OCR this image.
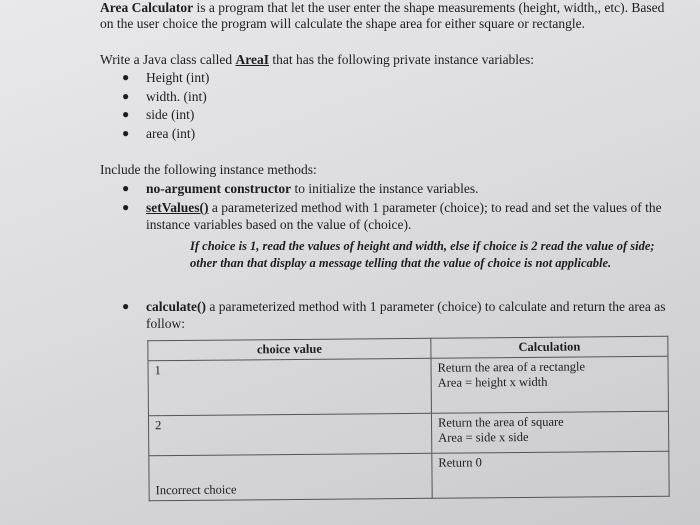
Area Calculator is a program that let the user enter the shape measurements (height, width,, etc). Based on the user choice the program will calculate the shape area for either square or rectangle.
Write a Java class called AreaI that has the following private instance variables:
● Height (int)
● width. (int)
● side (int)
● area (int)
Include the following instance methods:
● no-argument constructor to initialize the instance variables.
● setValues() a parameterized method with 1 parameter (choice); to read and set the values of the instance variables based on the value of (choice).
If choice is 1, read the values of height and width, else if choice is 2 read the value of side; other than that display a message telling that the value of choice is not applicable.
● calculate() a parameterized method with 1 parameter (choice) to calculate and return the area as follow:
choice value	Calculation
1	Return the area of a rectangle
Area = height x width

2	Return the area of square
Area = side x side

Incorrect choice	Return 0
